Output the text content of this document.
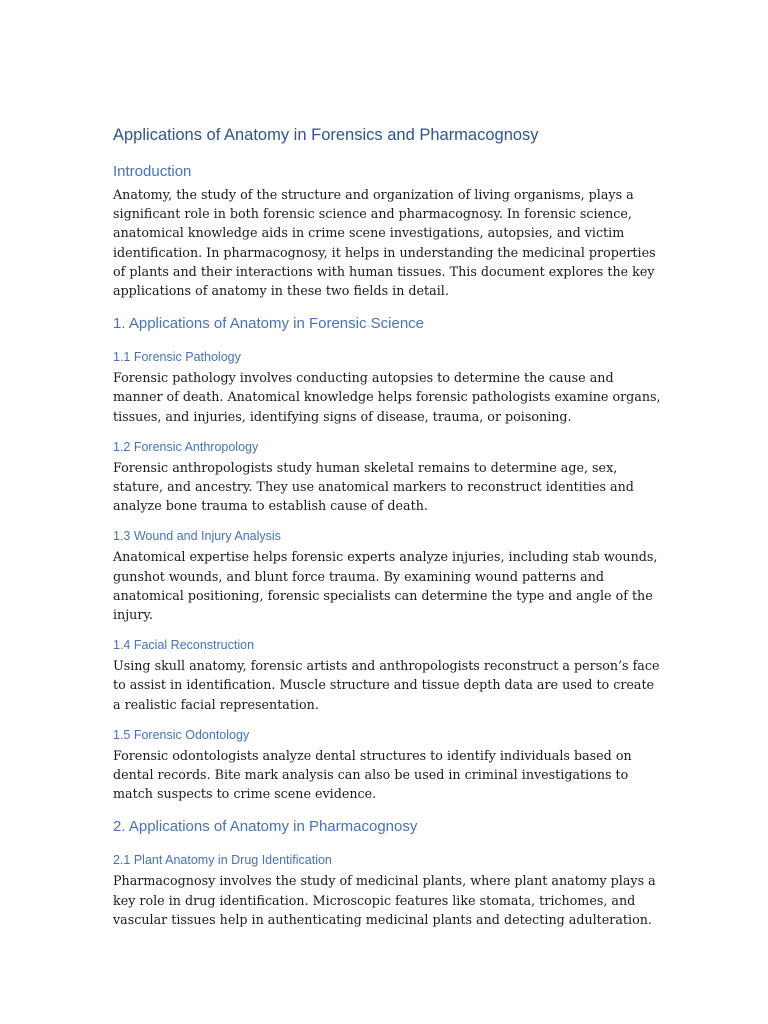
Applications of Anatomy in Forensics and Pharmacognosy
Introduction

Anatomy, the study of the structure and organization of living organisms, plays a significant role in both forensic science and pharmacognosy. In forensic science, anatomical knowledge aids in crime scene investigations, autopsies, and victim identification. In pharmacognosy, it helps in understanding the medicinal properties of plants and their interactions with human tissues. This document explores the key applications of anatomy in these two fields in detail.

1. Applications of Anatomy in Forensic Science
1.1 Forensic Pathology

Forensic pathology involves conducting autopsies to determine the cause and manner of death. Anatomical knowledge helps forensic pathologists examine organs, tissues, and injuries, identifying signs of disease, trauma, or poisoning.

1.2 Forensic Anthropology

Forensic anthropologists study human skeletal remains to determine age, sex, stature, and ancestry. They use anatomical markers to reconstruct identities and analyze bone trauma to establish cause of death.

1.3 Wound and Injury Analysis

Anatomical expertise helps forensic experts analyze injuries, including stab wounds, gunshot wounds, and blunt force trauma. By examining wound patterns and anatomical positioning, forensic specialists can determine the type and angle of the injury.

1.4 Facial Reconstruction

Using skull anatomy, forensic artists and anthropologists reconstruct a person’s face to assist in identification. Muscle structure and tissue depth data are used to create a realistic facial representation.

1.5 Forensic Odontology

Forensic odontologists analyze dental structures to identify individuals based on dental records. Bite mark analysis can also be used in criminal investigations to match suspects to crime scene evidence.

2. Applications of Anatomy in Pharmacognosy
2.1 Plant Anatomy in Drug Identification

Pharmacognosy involves the study of medicinal plants, where plant anatomy plays a key role in drug identification. Microscopic features like stomata, trichomes, and vascular tissues help in authenticating medicinal plants and detecting adulteration.
